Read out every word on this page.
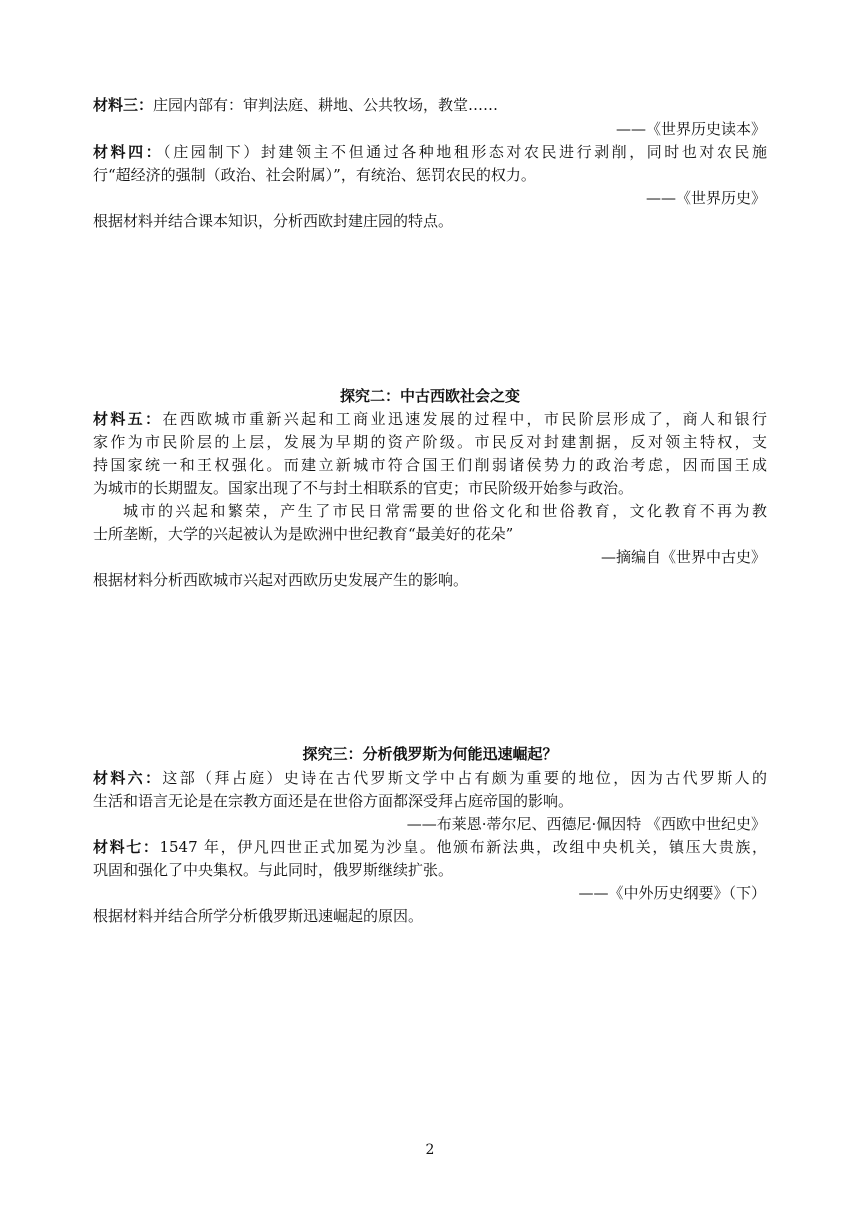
材料三：庄园内部有：审判法庭、耕地、公共牧场，教堂……

——《世界历史读本》

材料四：（庄园制下）封建领主不但通过各种地租形态对农民进行剥削，同时也对农民施

行“超经济的强制（政治、社会附属）”，有统治、惩罚农民的权力。

——《世界历史》

根据材料并结合课本知识，分析西欧封建庄园的特点。

探究二：中古西欧社会之变

材料五：在西欧城市重新兴起和工商业迅速发展的过程中，市民阶层形成了，商人和银行

家作为市民阶层的上层，发展为早期的资产阶级。市民反对封建割据，反对领主特权，支

持国家统一和王权强化。而建立新城市符合国王们削弱诸侯势力的政治考虑，因而国王成

为城市的长期盟友。国家出现了不与封土相联系的官吏；市民阶级开始参与政治。

城市的兴起和繁荣，产生了市民日常需要的世俗文化和世俗教育，文化教育不再为教

士所垄断，大学的兴起被认为是欧洲中世纪教育“最美好的花朵”

—摘编自《世界中古史》

根据材料分析西欧城市兴起对西欧历史发展产生的影响。

探究三：分析俄罗斯为何能迅速崛起？

材料六：这部（拜占庭）史诗在古代罗斯文学中占有颇为重要的地位，因为古代罗斯人的

生活和语言无论是在宗教方面还是在世俗方面都深受拜占庭帝国的影响。

——布莱恩·蒂尔尼、西德尼·佩因特 《西欧中世纪史》

材料七：1547 年，伊凡四世正式加冕为沙皇。他颁布新法典，改组中央机关，镇压大贵族，

巩固和强化了中央集权。与此同时，俄罗斯继续扩张。

——《中外历史纲要》（下）

根据材料并结合所学分析俄罗斯迅速崛起的原因。

2
